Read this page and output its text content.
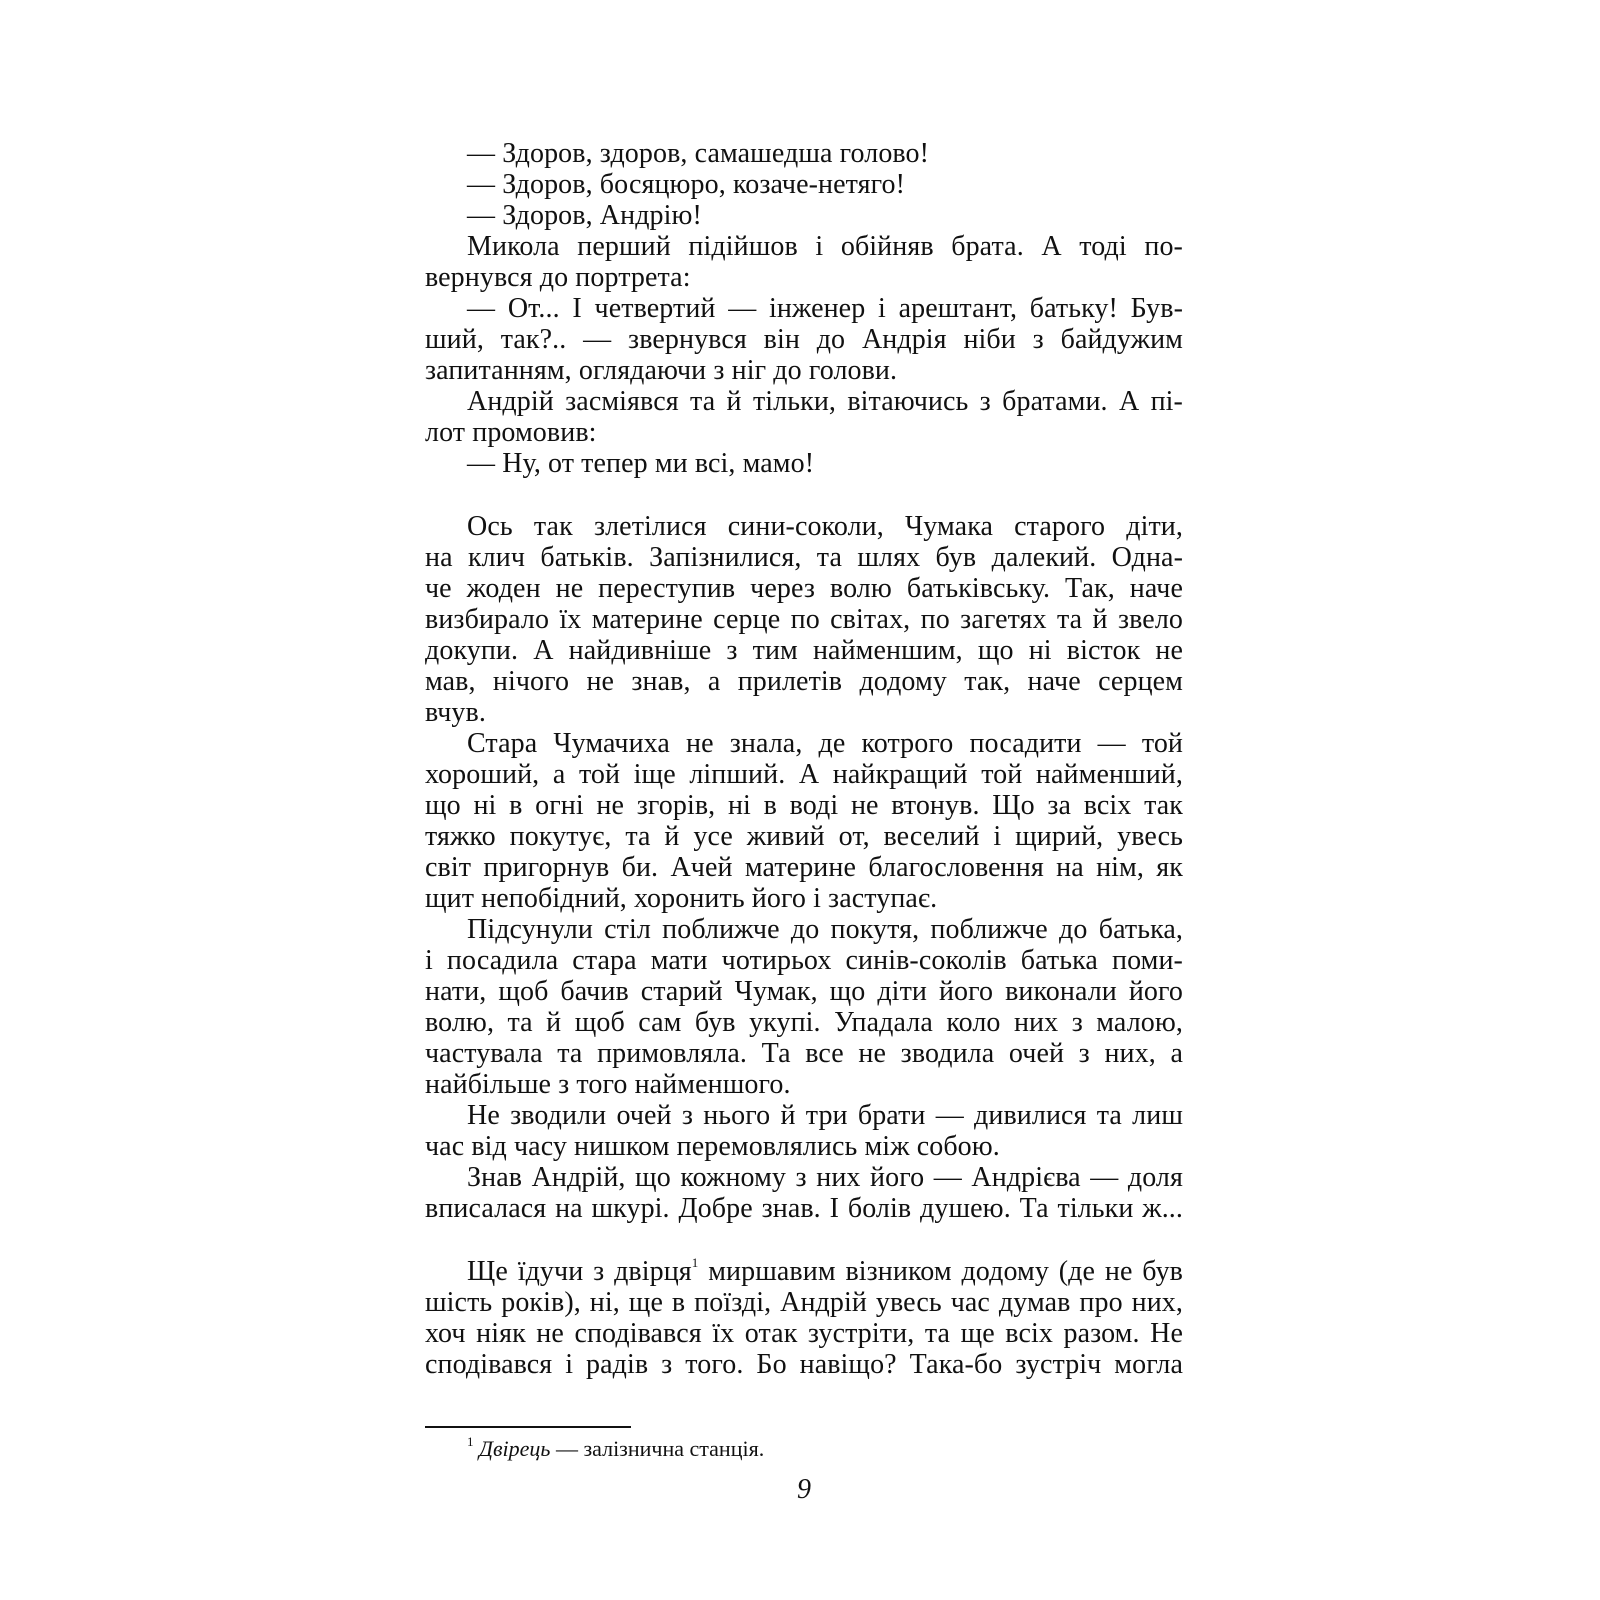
— Здоров, здоров, самашедша голово!
— Здоров, босяцюро, козаче-нетяго!
— Здоров, Андрію!
Микола перший підійшов і обійняв брата. А тоді по-
вернувся до портрета:
— От... І четвертий — інженер і арештант, батьку! Був-
ший, так?.. — звернувся він до Андрія ніби з байдужим
запитанням, оглядаючи з ніг до голови.
Андрій засміявся та й тільки, вітаючись з братами. А пі-
лот промовив:
— Ну, от тепер ми всі, мамо!
Ось так злетілися сини-соколи, Чумака старого діти,
на клич батьків. Запізнилися, та шлях був далекий. Одна-
че жоден не переступив через волю батьківську. Так, наче
визбирало їх материне серце по світах, по загетях та й звело
докупи. А найдивніше з тим найменшим, що ні вісток не
мав, нічого не знав, а прилетів додому так, наче серцем
вчув.
Стара Чумачиха не знала, де котрого посадити — той
хороший, а той іще ліпший. А найкращий той найменший,
що ні в огні не згорів, ні в воді не втонув. Що за всіх так
тяжко покутує, та й усе живий от, веселий і щирий, увесь
світ пригорнув би. Ачей материне благословення на нім, як
щит непобідний, хоронить його і заступає.
Підсунули стіл поближче до покутя, поближче до батька,
і посадила стара мати чотирьох синів-соколів батька поми-
нати, щоб бачив старий Чумак, що діти його виконали його
волю, та й щоб сам був укупі. Упадала коло них з малою,
частувала та примовляла. Та все не зводила очей з них, а
найбільше з того найменшого.
Не зводили очей з нього й три брати — дивилися та лиш
час від часу нишком перемовлялись між собою.
Знав Андрій, що кожному з них його — Андрієва — доля
вписалася на шкурі. Добре знав. І болів душею. Та тільки ж...
Ще їдучи з двірця$^1$ миршавим візником додому (де не був
шість років), ні, ще в поїзді, Андрій увесь час думав про них,
хоч ніяк не сподівався їх отак зустріти, та ще всіх разом. Не
сподівався і радів з того. Бо навіщо? Така-бо зустріч могла
$^1$ Двірець — залізнична станція.
9
